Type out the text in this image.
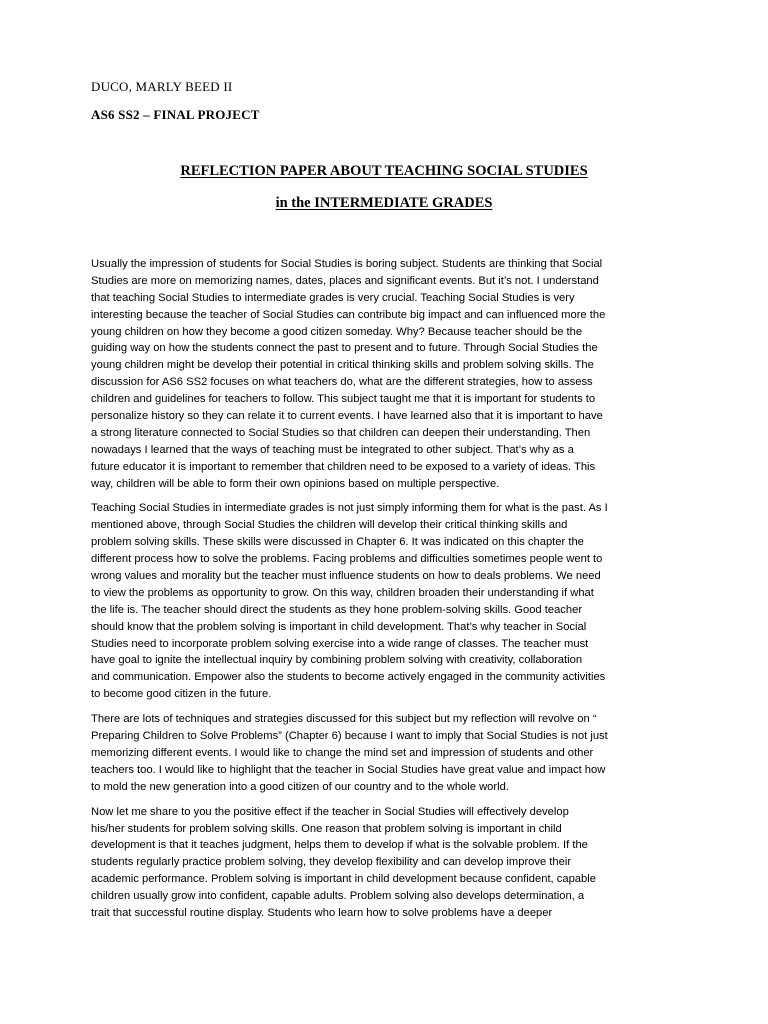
DUCO, MARLY BEED II
AS6 SS2 – FINAL PROJECT
REFLECTION PAPER ABOUT TEACHING SOCIAL STUDIES
in the INTERMEDIATE GRADES
Usually the impression of students for Social Studies is boring subject. Students are thinking that Social
Studies are more on memorizing names, dates, places and significant events. But it’s not. I understand
that teaching Social Studies to intermediate grades is very crucial. Teaching Social Studies is very
interesting because the teacher of Social Studies can contribute big impact and can influenced more the
young children on how they become a good citizen someday. Why? Because teacher should be the
guiding way on how the students connect the past to present and to future. Through Social Studies the
young children might be develop their potential in critical thinking skills and problem solving skills. The
discussion for AS6 SS2 focuses on what teachers do, what are the different strategies, how to assess
children and guidelines for teachers to follow. This subject taught me that it is important for students to
personalize history so they can relate it to current events. I have learned also that it is important to have
a strong literature connected to Social Studies so that children can deepen their understanding. Then
nowadays I learned that the ways of teaching must be integrated to other subject. That’s why as a
future educator it is important to remember that children need to be exposed to a variety of ideas. This
way, children will be able to form their own opinions based on multiple perspective.
Teaching Social Studies in intermediate grades is not just simply informing them for what is the past. As I
mentioned above, through Social Studies the children will develop their critical thinking skills and
problem solving skills. These skills were discussed in Chapter 6. It was indicated on this chapter the
different process how to solve the problems. Facing problems and difficulties sometimes people went to
wrong values and morality but the teacher must influence students on how to deals problems. We need
to view the problems as opportunity to grow. On this way, children broaden their understanding if what
the life is. The teacher should direct the students as they hone problem-solving skills. Good teacher
should know that the problem solving is important in child development. That’s why teacher in Social
Studies need to incorporate problem solving exercise into a wide range of classes. The teacher must
have goal to ignite the intellectual inquiry by combining problem solving with creativity, collaboration
and communication. Empower also the students to become actively engaged in the community activities
to become good citizen in the future.
There are lots of techniques and strategies discussed for this subject but my reflection will revolve on “
Preparing Children to Solve Problems” (Chapter 6) because I want to imply that Social Studies is not just
memorizing different events. I would like to change the mind set and impression of students and other
teachers too. I would like to highlight that the teacher in Social Studies have great value and impact how
to mold the new generation into a good citizen of our country and to the whole world.
Now let me share to you the positive effect if the teacher in Social Studies will effectively develop
his/her students for problem solving skills. One reason that problem solving is important in child
development is that it teaches judgment, helps them to develop if what is the solvable problem. If the
students regularly practice problem solving, they develop flexibility and can develop improve their
academic performance. Problem solving is important in child development because confident, capable
children usually grow into confident, capable adults. Problem solving also develops determination, a
trait that successful routine display. Students who learn how to solve problems have a deeper
